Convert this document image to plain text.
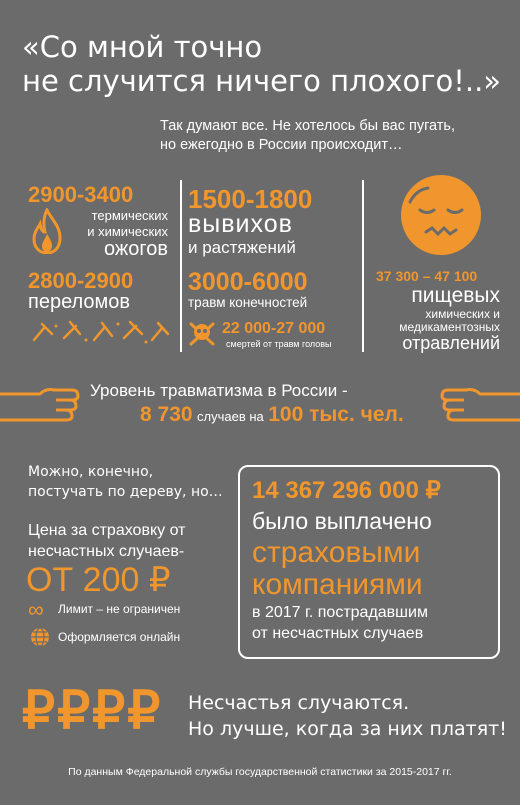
«Со мной точно
не случится ничего плохого!..»
Так думают все. Не хотелось бы вас пугать,
но ежегодно в России происходит…
2900-3400
термических
и химических
ожогов
2800-2900
переломов
1500-1800
вывихов
и растяжений
3000-6000
травм конечностей
22 000-27 000
смертей от травм головы
37 300 – 47 100
пищевых
химических и
медикаментозных
отравлений
Уровень травматизма в России -
8 730 случаев на 100 тыс. чел.
Можно, конечно,
постучать по дереву, но…
Цена за страховку от
несчастных случаев-
ОТ 200 ₽
∞ Лимит – не ограничен
Оформляется онлайн
14 367 296 000 ₽
было выплачено
страховыми
компаниями
в 2017 г. пострадавшим
от несчастных случаев
₽₽₽₽ Несчастья случаются.
Но лучше, когда за них платят!
По данным Федеральной службы государственной статистики за 2015-2017 гг.
